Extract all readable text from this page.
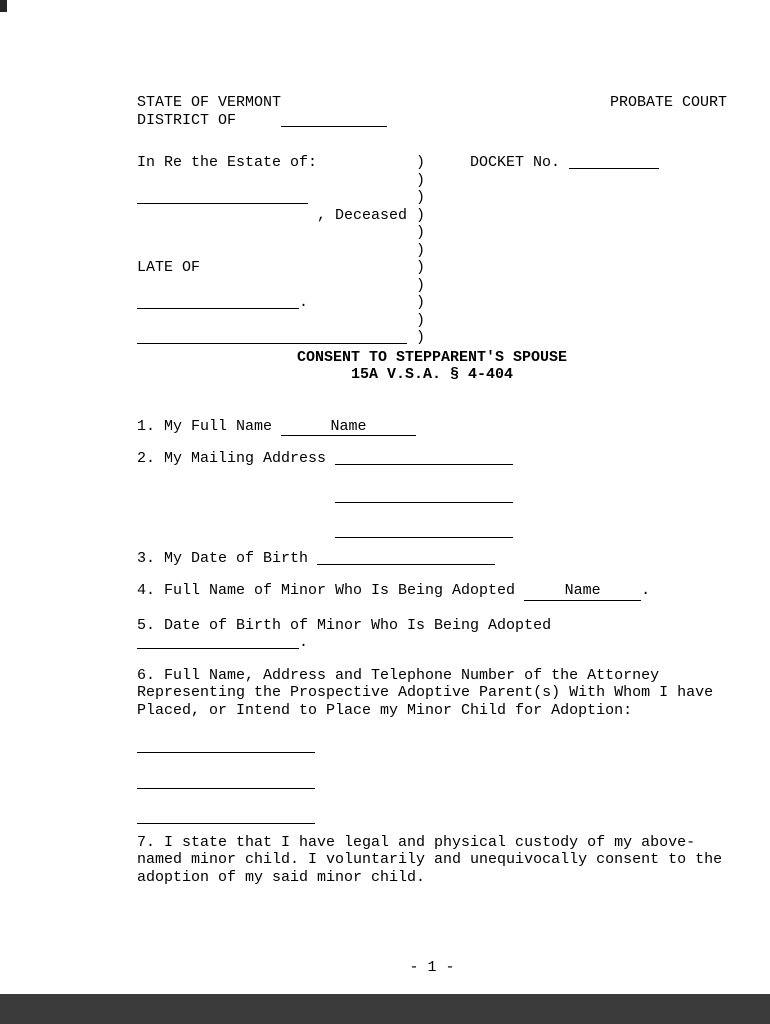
STATE OF VERMONT	PROBATE COURT
DISTRICT OF
In Re the Estate of:	)	DOCKET No.
)
)
, Deceased )
)
)
LATE OF	)
)
.	)
)
)
CONSENT TO STEPPARENT'S SPOUSE
15A V.S.A. § 4-404
1. My Full Name	Name
2. My Mailing Address
3. My Date of Birth
4. Full Name of Minor Who Is Being Adopted	Name	.
5. Date of Birth of Minor Who Is Being Adopted
.
6. Full Name, Address and Telephone Number of the Attorney Representing the Prospective Adoptive Parent(s) With Whom I have Placed, or Intend to Place my Minor Child for Adoption:
7. I state that I have legal and physical custody of my above-named minor child. I voluntarily and unequivocally consent to the adoption of my said minor child.
- 1 -
